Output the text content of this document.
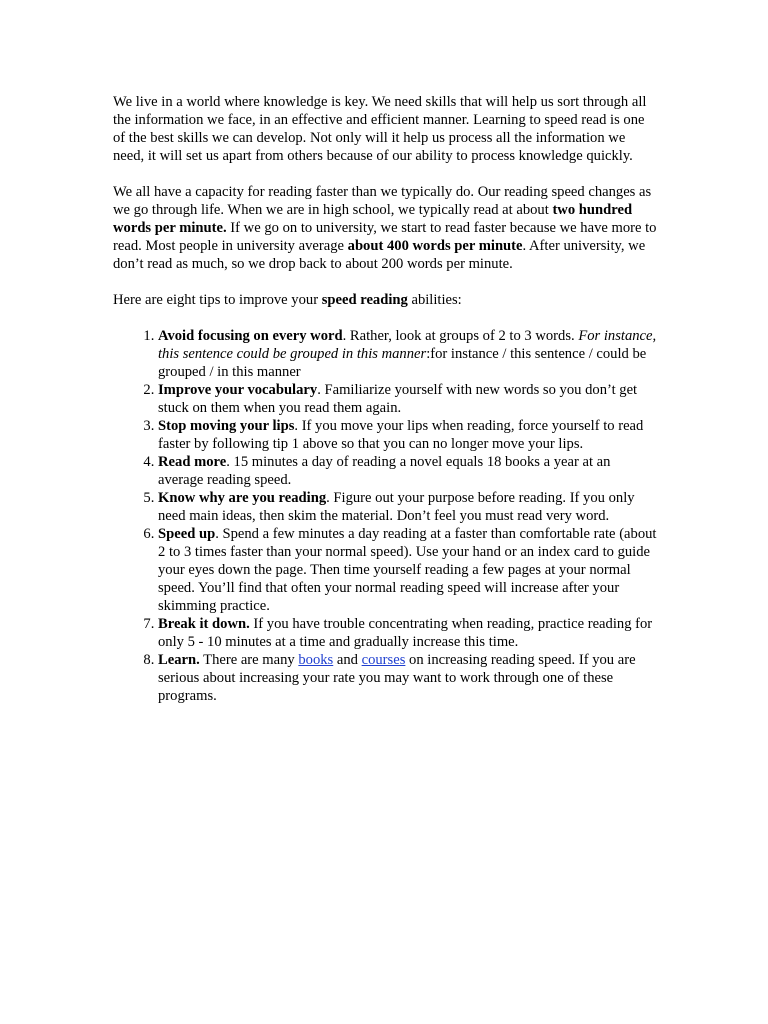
We live in a world where knowledge is key. We need skills that will help us sort through all the information we face, in an effective and efficient manner. Learning to speed read is one of the best skills we can develop. Not only will it help us process all the information we need, it will set us apart from others because of our ability to process knowledge quickly.

We all have a capacity for reading faster than we typically do. Our reading speed changes as we go through life. When we are in high school, we typically read at about two hundred words per minute. If we go on to university, we start to read faster because we have more to read. Most people in university average about 400 words per minute. After university, we don’t read as much, so we drop back to about 200 words per minute.

Here are eight tips to improve your speed reading abilities:

1. Avoid focusing on every word. Rather, look at groups of 2 to 3 words. For instance, this sentence could be grouped in this manner:for instance / this sentence / could be grouped / in this manner
2. Improve your vocabulary. Familiarize yourself with new words so you don’t get stuck on them when you read them again.
3. Stop moving your lips. If you move your lips when reading, force yourself to read faster by following tip 1 above so that you can no longer move your lips.
4. Read more. 15 minutes a day of reading a novel equals 18 books a year at an average reading speed.
5. Know why are you reading. Figure out your purpose before reading. If you only need main ideas, then skim the material. Don’t feel you must read very word.
6. Speed up. Spend a few minutes a day reading at a faster than comfortable rate (about 2 to 3 times faster than your normal speed). Use your hand or an index card to guide your eyes down the page. Then time yourself reading a few pages at your normal speed. You’ll find that often your normal reading speed will increase after your skimming practice.
7. Break it down. If you have trouble concentrating when reading, practice reading for only 5 - 10 minutes at a time and gradually increase this time.
8. Learn. There are many books and courses on increasing reading speed. If you are serious about increasing your rate you may want to work through one of these programs.
